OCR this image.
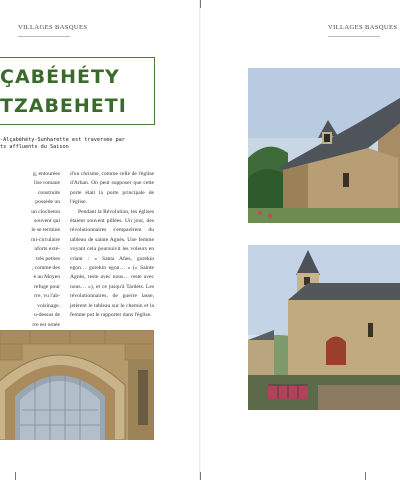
VILLAGES BASQUES
ÇABÉHÉTY
TZABEHETI
-Alçabéhéty-Sunharette est traversée par
ts affluents du Saison
g, entourées
lise romane
construite
possède un
un clocheton
souvent qui
le se termine
mi-circulaire
nforts exté-
très petites
, comme des
e au Moyen
refuge pour
rre, vu l'ab-
voisinage.
u-dessus de
rre est ornée

d'un chrisme, comme celle de l'église d'Arhan. On peut supposer que cette porte était la porte principale de l'église.

Pendant la Révolution, les églises étaient souvent pillées. Un jour, des révolutionnaires s'emparèrent du tableau de sainte Agnès. Une femme voyant cela poursuivit les voleurs en criant : « Santa Añes, gurekin egon… gurekin egon… » (« Sainte Agnès, reste avec nous… reste avec nous… »), et ce jusqu'à Tardets. Les révolutionnaires, de guerre lasse, jetèrent le tableau sur le chemin et la femme put le rapporter dans l'église.

VILLAGES BASQUES
